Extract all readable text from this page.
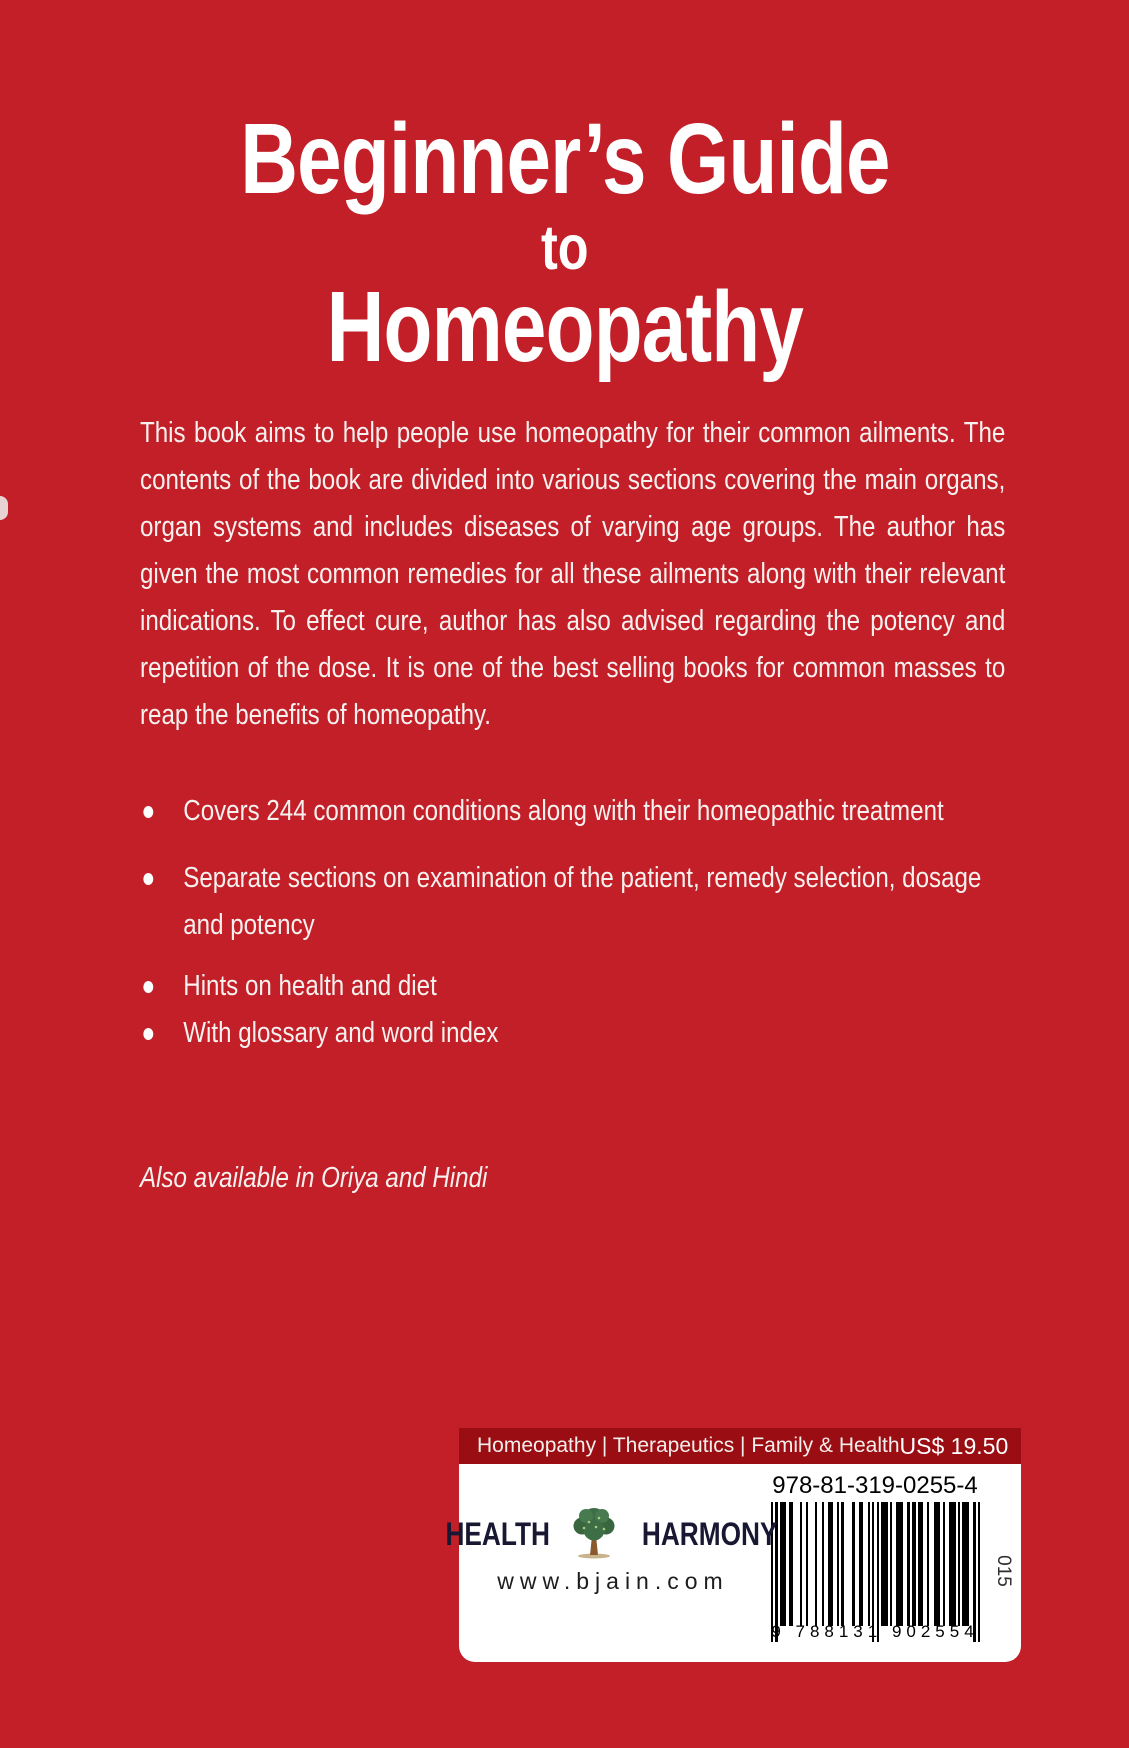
Beginner’s Guide
to
Homeopathy
This book aims to help people use homeopathy for their common ailments. The contents of the book are divided into various sections covering the main organs, organ systems and includes diseases of varying age groups. The author has given the most common remedies for all these ailments along with their relevant indications. To effect cure, author has also advised regarding the potency and repetition of the dose. It is one of the best selling books for common masses to reap the benefits of homeopathy.
Covers 244 common conditions along with their homeopathic treatment
Separate sections on examination of the patient, remedy selection, dosage and potency
Hints on health and diet
With glossary and word index
Also available in Oriya and Hindi
Homeopathy | Therapeutics | Family & Health US$ 19.50
978-81-319-0255-4
9 788131 902554
HEALTH	HARMONY
www.bjain.com	015
